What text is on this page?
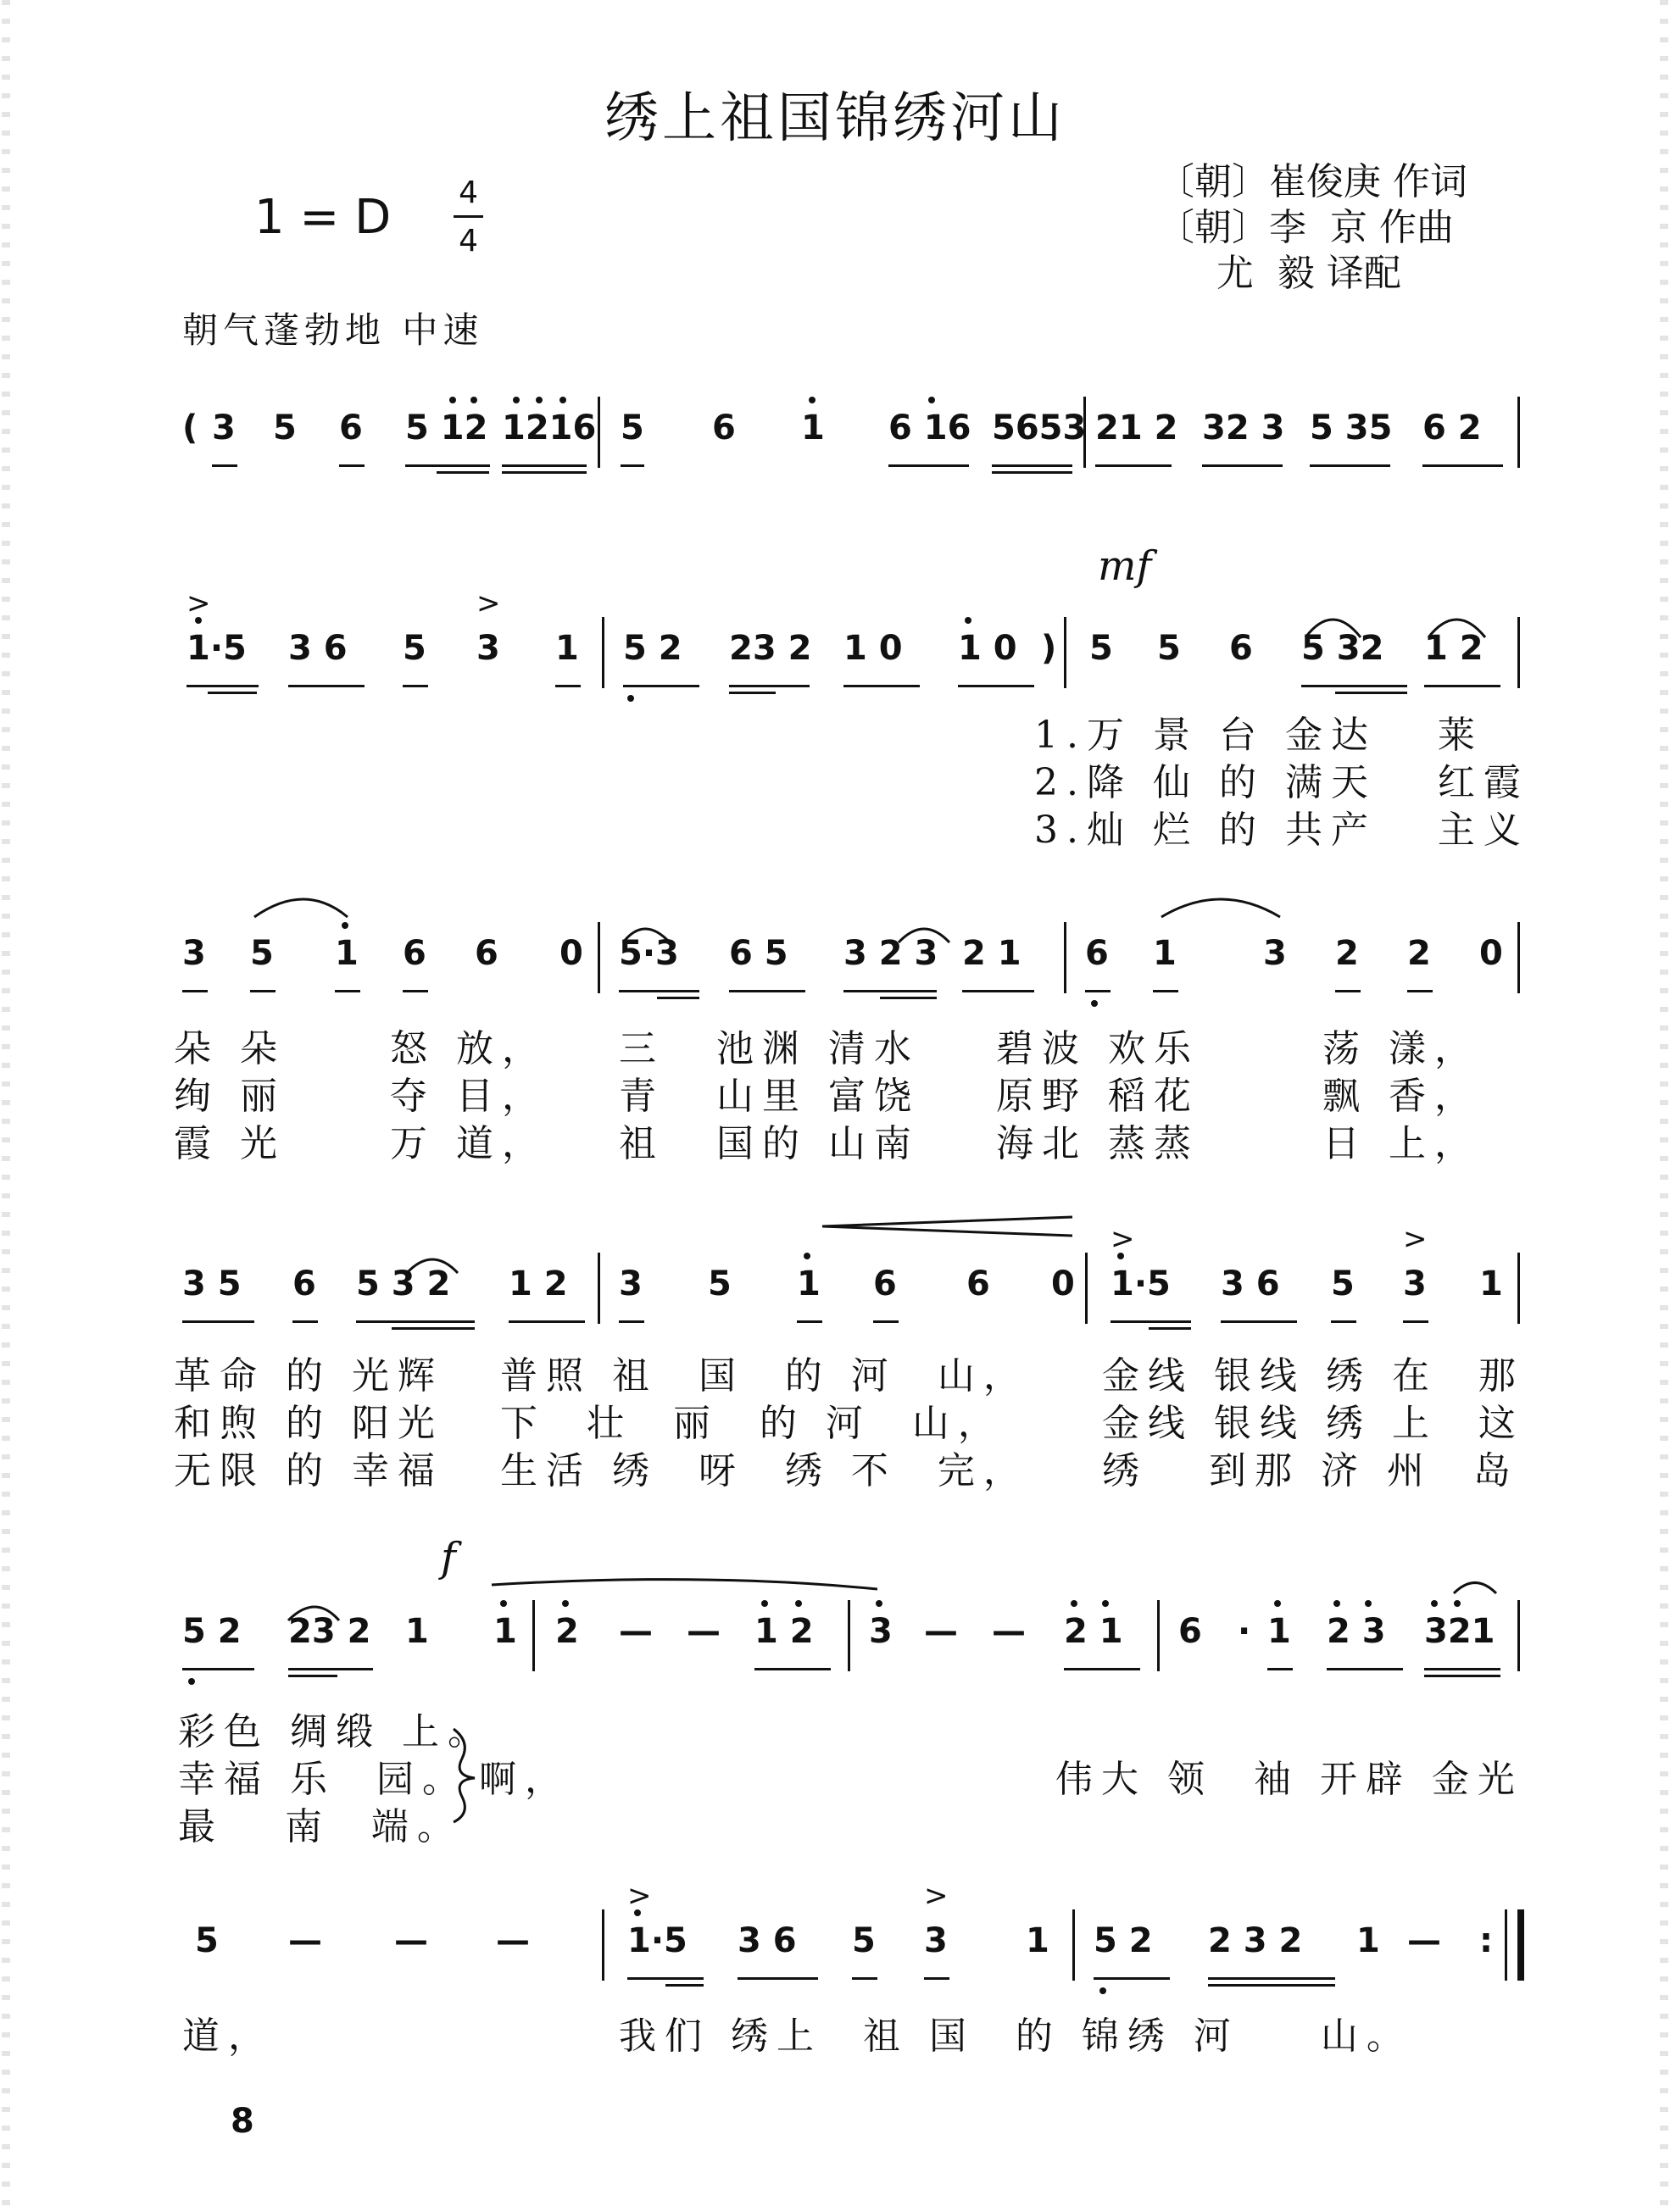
绣上祖国锦绣河山
1 = D $\frac{4}{4}$	〔朝〕崔俊庚 作词
〔朝〕李  京 作曲
尤  毅 译配
朝气蓬勃地 中速
( 3 5 6 5 12 1216 5 6 1 6 16 5653 21 2 32 3 5 35 6 2
mf
1·5 3 6 5 3 1 5 2 23 2 1 0 1 0 ) 5 5 6 5 32 1 2
>	>
1.万 景 台 金达   莱
2.降 仙 的 满天   红霞
3.灿 烂 的 共产   主义
3 5 1 6 6 0 5·3 6 5 3 2 3 2 1 6 1	3 2 2 0
朵 朵	怒 放， 三 池渊 清水 碧波 欢乐	荡 漾，
绚 丽	夺 目， 青 山里 富饶 原野 稻花	飘 香，
霞 光	万 道， 祖 国的 山南 海北 蒸蒸	日 上，
3 5 6 5 3 2 1 2 3 5 1 6 6 0 1·5 3 6 5 3 1
>	>
革命 的 光辉 普照 祖  国  的 河  山， 金线 银线 绣 在  那
和煦 的 阳光 下  壮  丽  的 河  山，	金线 银线 绣 上  这
无限 的 幸福 生活 绣  呀  绣 不  完， 绣   到那 济 州  岛
f
5 2 23 2 1 1 2 — — 1 2 3 — — 2 1 6 · 1 2 3 321
彩色 绸缎 上。
幸福 乐  园。 啊，	伟大 领  袖 开辟 金光
最   南  端。
5 — — —	1·5 3 6 5 3 1 5 2 2 3 2 1 — :
>	>
道，	我们 绣上  祖 国  的 锦绣 河    山。
8
